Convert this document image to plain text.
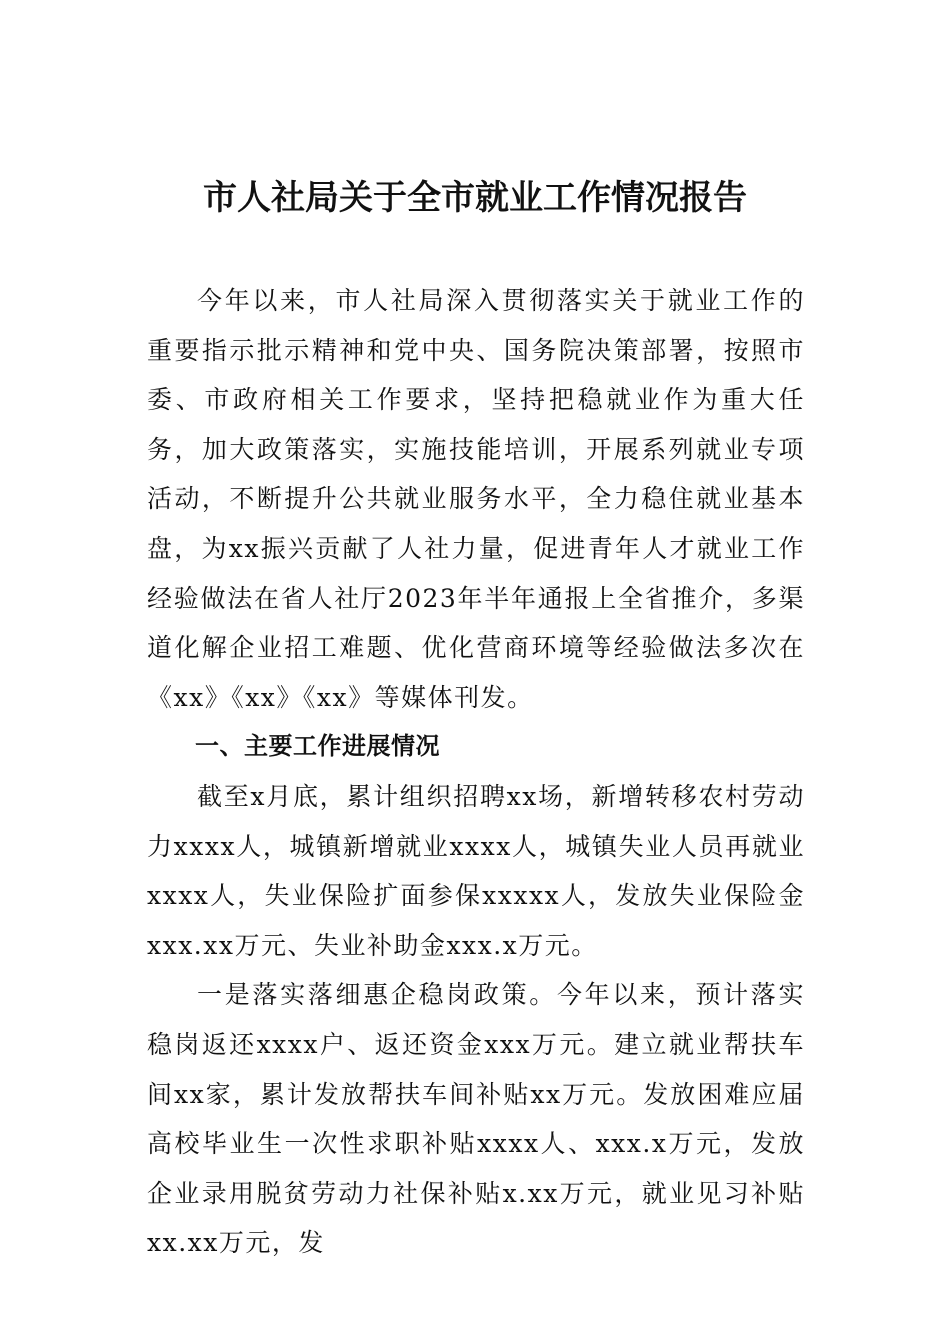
市人社局关于全市就业工作情况报告

今年以来，市人社局深入贯彻落实关于就业工作的重要指示批示精神和党中央、国务院决策部署，按照市委、市政府相关工作要求，坚持把稳就业作为重大任务，加大政策落实，实施技能培训，开展系列就业专项活动，不断提升公共就业服务水平，全力稳住就业基本盘，为xx振兴贡献了人社力量，促进青年人才就业工作经验做法在省人社厅2023年半年通报上全省推介，多渠道化解企业招工难题、优化营商环境等经验做法多次在《xx》《xx》《xx》等媒体刊发。

一、主要工作进展情况

截至x月底，累计组织招聘xx场，新增转移农村劳动力xxxx人，城镇新增就业xxxx人，城镇失业人员再就业xxxx人，失业保险扩面参保xxxxx人，发放失业保险金xxx.xx万元、失业补助金xxx.x万元。

一是落实落细惠企稳岗政策。今年以来，预计落实稳岗返还xxxx户、返还资金xxx万元。建立就业帮扶车间xx家，累计发放帮扶车间补贴xx万元。发放困难应届高校毕业生一次性求职补贴xxxx人、xxx.x万元，发放企业录用脱贫劳动力社保补贴x.xx万元，就业见习补贴xx.xx万元，发
